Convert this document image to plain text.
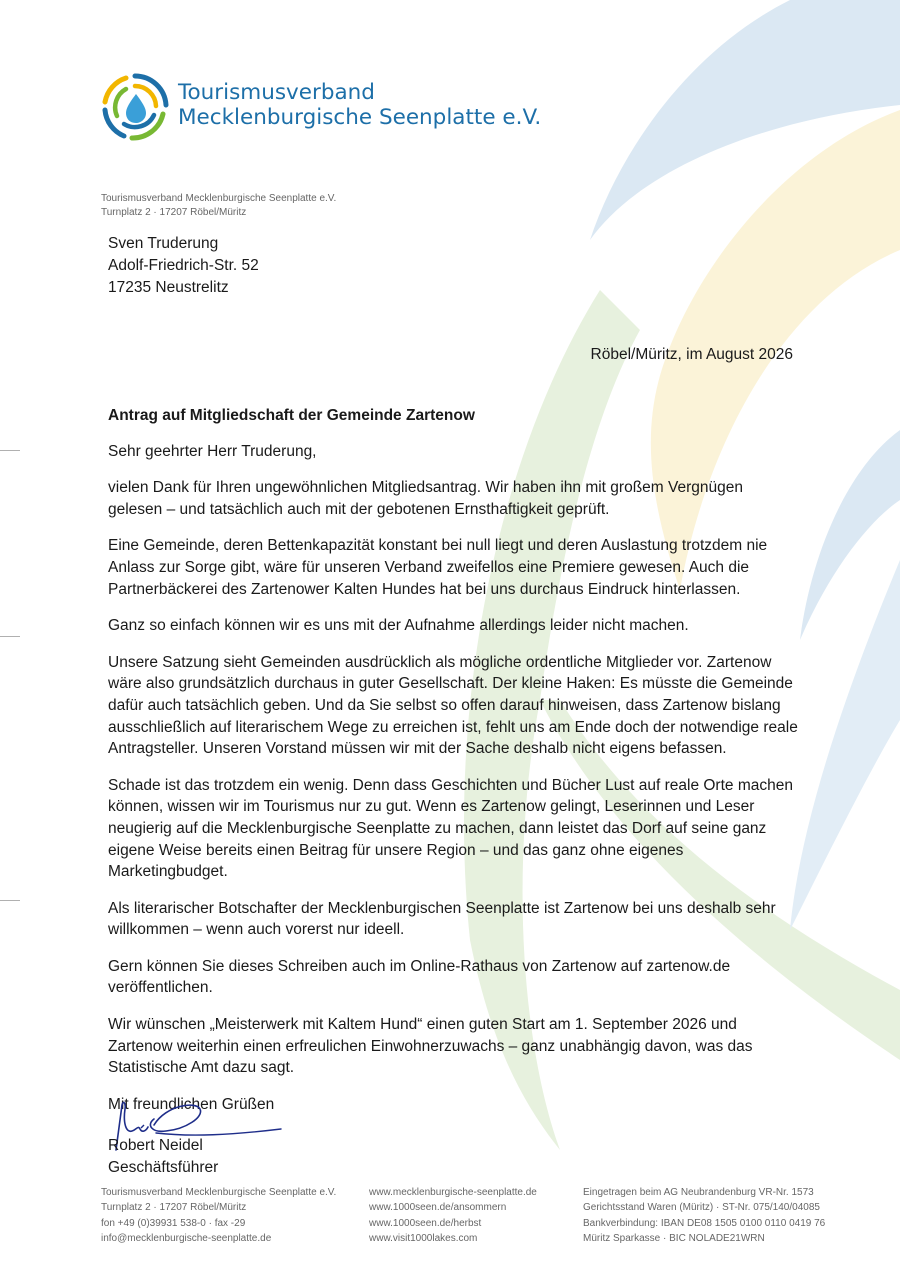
Tourismusverband
Mecklenburgische Seenplatte e.V.
Tourismusverband Mecklenburgische Seenplatte e.V.
Turnplatz 2 · 17207 Röbel/Müritz
Sven Truderung
Adolf-Friedrich-Str. 52
17235 Neustrelitz
Röbel/Müritz, im August 2026

Antrag auf Mitgliedschaft der Gemeinde Zartenow

Sehr geehrter Herr Truderung,

vielen Dank für Ihren ungewöhnlichen Mitgliedsantrag. Wir haben ihn mit großem Vergnügen gelesen – und tatsächlich auch mit der gebotenen Ernsthaftigkeit geprüft.

Eine Gemeinde, deren Bettenkapazität konstant bei null liegt und deren Auslastung trotzdem nie Anlass zur Sorge gibt, wäre für unseren Verband zweifellos eine Premiere gewesen. Auch die Partnerbäckerei des Zartenower Kalten Hundes hat bei uns durchaus Eindruck hinterlassen.

Ganz so einfach können wir es uns mit der Aufnahme allerdings leider nicht machen.

Unsere Satzung sieht Gemeinden ausdrücklich als mögliche ordentliche Mitglieder vor. Zartenow wäre also grundsätzlich durchaus in guter Gesellschaft. Der kleine Haken: Es müsste die Gemeinde dafür auch tatsächlich geben. Und da Sie selbst so offen darauf hinweisen, dass Zartenow bislang ausschließlich auf literarischem Wege zu erreichen ist, fehlt uns am Ende doch der notwendige reale Antragsteller. Unseren Vorstand müssen wir mit der Sache deshalb nicht eigens befassen.

Schade ist das trotzdem ein wenig. Denn dass Geschichten und Bücher Lust auf reale Orte machen können, wissen wir im Tourismus nur zu gut. Wenn es Zartenow gelingt, Leserinnen und Leser neugierig auf die Mecklenburgische Seenplatte zu machen, dann leistet das Dorf auf seine ganz eigene Weise bereits einen Beitrag für unsere Region – und das ganz ohne eigenes Marketingbudget.

Als literarischer Botschafter der Mecklenburgischen Seenplatte ist Zartenow bei uns deshalb sehr willkommen – wenn auch vorerst nur ideell.

Gern können Sie dieses Schreiben auch im Online-Rathaus von Zartenow auf zartenow.de veröffentlichen.

Wir wünschen „Meisterwerk mit Kaltem Hund“ einen guten Start am 1. September 2026 und Zartenow weiterhin einen erfreulichen Einwohnerzuwachs – ganz unabhängig davon, was das Statistische Amt dazu sagt.

Mit freundlichen Grüßen

Robert Neidel
Geschäftsführer
Tourismusverband Mecklenburgische Seenplatte e.V.
Turnplatz 2 · 17207 Röbel/Müritz
fon +49 (0)39931 538-0 · fax -29
info@mecklenburgische-seenplatte.de
www.mecklenburgische-seenplatte.de
www.1000seen.de/ansommern
www.1000seen.de/herbst
www.visit1000lakes.com
Eingetragen beim AG Neubrandenburg VR-Nr. 1573
Gerichtsstand Waren (Müritz) · ST-Nr. 075/140/04085
Bankverbindung: IBAN DE08 1505 0100 0110 0419 76
Müritz Sparkasse · BIC NOLADE21WRN
